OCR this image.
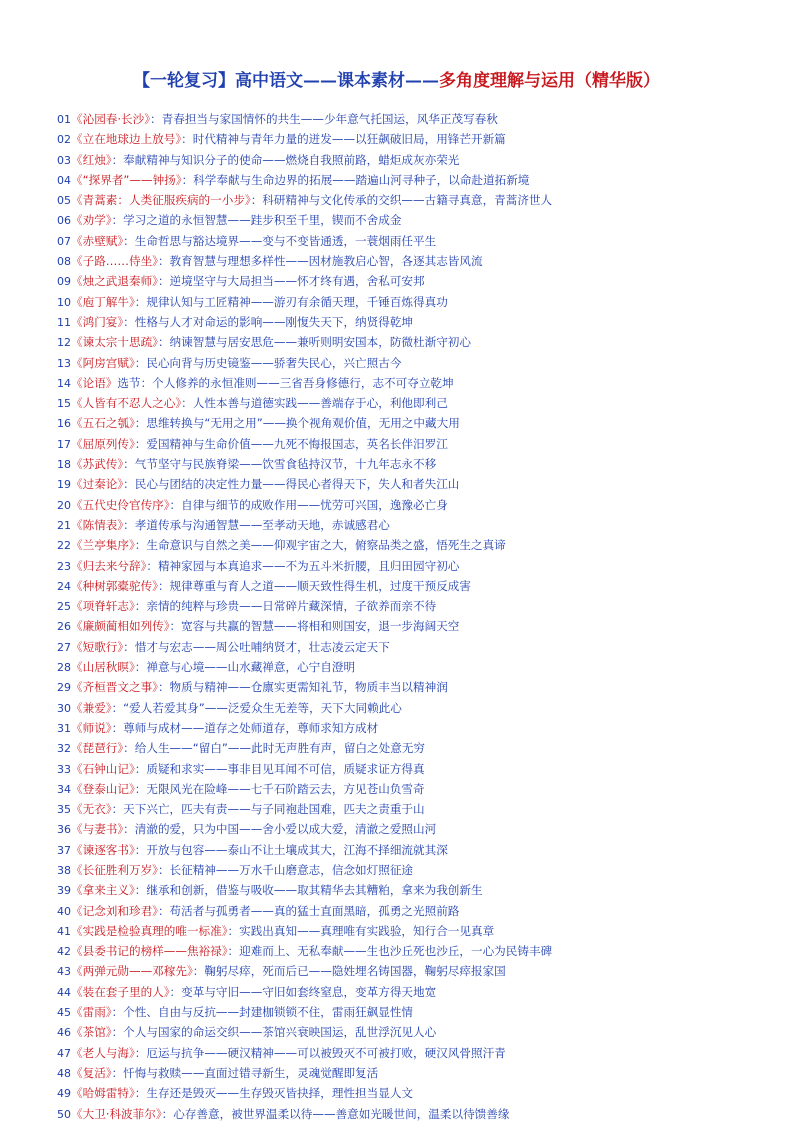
【一轮复习】高中语文——课本素材——多角度理解与运用（精华版）
01《沁园春·长沙》：青春担当与家国情怀的共生——少年意气托国运，风华正茂写春秋
02《立在地球边上放号》：时代精神与青年力量的迸发——以狂飙破旧局，用锋芒开新篇
03《红烛》：奉献精神与知识分子的使命——燃烧自我照前路，蜡炬成灰亦荣光
04《“探界者”——钟扬》：科学奉献与生命边界的拓展——踏遍山河寻种子，以命赴道拓新境
05《青蒿素：人类征服疾病的一小步》：科研精神与文化传承的交织——古籍寻真意，青蒿济世人
06《劝学》：学习之道的永恒智慧——跬步积至千里，锲而不舍成金
07《赤壁赋》：生命哲思与豁达境界——变与不变皆通透，一蓑烟雨任平生
08《子路……侍坐》：教育智慧与理想多样性——因材施教启心智，各逐其志皆风流
09《烛之武退秦师》：逆境坚守与大局担当——怀才终有遇，舍私可安邦
10《庖丁解牛》：规律认知与工匠精神——游刃有余循天理，千锤百炼得真功
11《鸿门宴》：性格与人才对命运的影响——刚愎失天下，纳贤得乾坤
12《谏太宗十思疏》：纳谏智慧与居安思危——兼听则明安国本，防微杜渐守初心
13《阿房宫赋》：民心向背与历史镜鉴——骄奢失民心，兴亡照古今
14《论语》选节：个人修养的永恒准则——三省吾身修德行，志不可夺立乾坤
15《人皆有不忍人之心》：人性本善与道德实践——善端存于心，利他即利己
16《五石之瓠》：思维转换与“无用之用”——换个视角观价值，无用之中藏大用
17《屈原列传》：爱国精神与生命价值——九死不悔报国志，英名长伴汨罗江
18《苏武传》：气节坚守与民族脊梁——饮雪食毡持汉节，十九年志永不移
19《过秦论》：民心与团结的决定性力量——得民心者得天下，失人和者失江山
20《五代史伶官传序》：自律与细节的成败作用——忧劳可兴国，逸豫必亡身
21《陈情表》：孝道传承与沟通智慧——至孝动天地，赤诚感君心
22《兰亭集序》：生命意识与自然之美——仰观宇宙之大，俯察品类之盛，悟死生之真谛
23《归去来兮辞》：精神家园与本真追求——不为五斗米折腰，且归田园守初心
24《种树郭橐驼传》：规律尊重与育人之道——顺天致性得生机，过度干预反成害
25《项脊轩志》：亲情的纯粹与珍贵——日常碎片藏深情，子欲养而亲不待
26《廉颇蔺相如列传》：宽容与共赢的智慧——将相和则国安，退一步海阔天空
27《短歌行》：惜才与宏志——周公吐哺纳贤才，壮志凌云定天下
28《山居秋暝》：禅意与心境——山水藏禅意，心宁自澄明
29《齐桓晋文之事》：物质与精神——仓廪实更需知礼节，物质丰当以精神润
30《兼爱》：“爱人若爱其身”——泛爱众生无差等，天下大同赖此心
31《师说》：尊师与成材——道存之处师道存，尊师求知方成材
32《琵琶行》：给人生——“留白”——此时无声胜有声，留白之处意无穷
33《石钟山记》：质疑和求实——事非目见耳闻不可信，质疑求证方得真
34《登泰山记》：无限风光在险峰——七千石阶踏云去，方见苍山负雪奇
35《无衣》：天下兴亡，匹夫有责——与子同袍赴国难，匹夫之责重于山
36《与妻书》：清澈的爱，只为中国——舍小爱以成大爱，清澈之爱照山河
37《谏逐客书》：开放与包容——泰山不让土壤成其大，江海不择细流就其深
38《长征胜利万岁》：长征精神——万水千山磨意志，信念如灯照征途
39《拿来主义》：继承和创新，借鉴与吸收——取其精华去其糟粕，拿来为我创新生
40《记念刘和珍君》：苟活者与孤勇者——真的猛士直面黑暗，孤勇之光照前路
41《实践是检验真理的唯一标准》：实践出真知——真理唯有实践验，知行合一见真章
42《县委书记的榜样——焦裕禄》：迎难而上、无私奉献——生也沙丘死也沙丘，一心为民铸丰碑
43《两弹元勋——邓稼先》：鞠躬尽瘁，死而后已——隐姓埋名铸国器，鞠躬尽瘁报家国
44《装在套子里的人》：变革与守旧——守旧如套终窒息，变革方得天地宽
45《雷雨》：个性、自由与反抗——封建枷锁锁不住，雷雨狂飙显性情
46《茶馆》：个人与国家的命运交织——茶馆兴衰映国运，乱世浮沉见人心
47《老人与海》：厄运与抗争——硬汉精神——可以被毁灭不可被打败，硬汉风骨照汗青
48《复活》：忏悔与救赎——直面过错寻新生，灵魂觉醒即复活
49《哈姆雷特》：生存还是毁灭——生存毁灭皆抉择，理性担当显人文
50《大卫·科波菲尔》：心存善意，被世界温柔以待——善意如光暖世间，温柔以待馈善缘
